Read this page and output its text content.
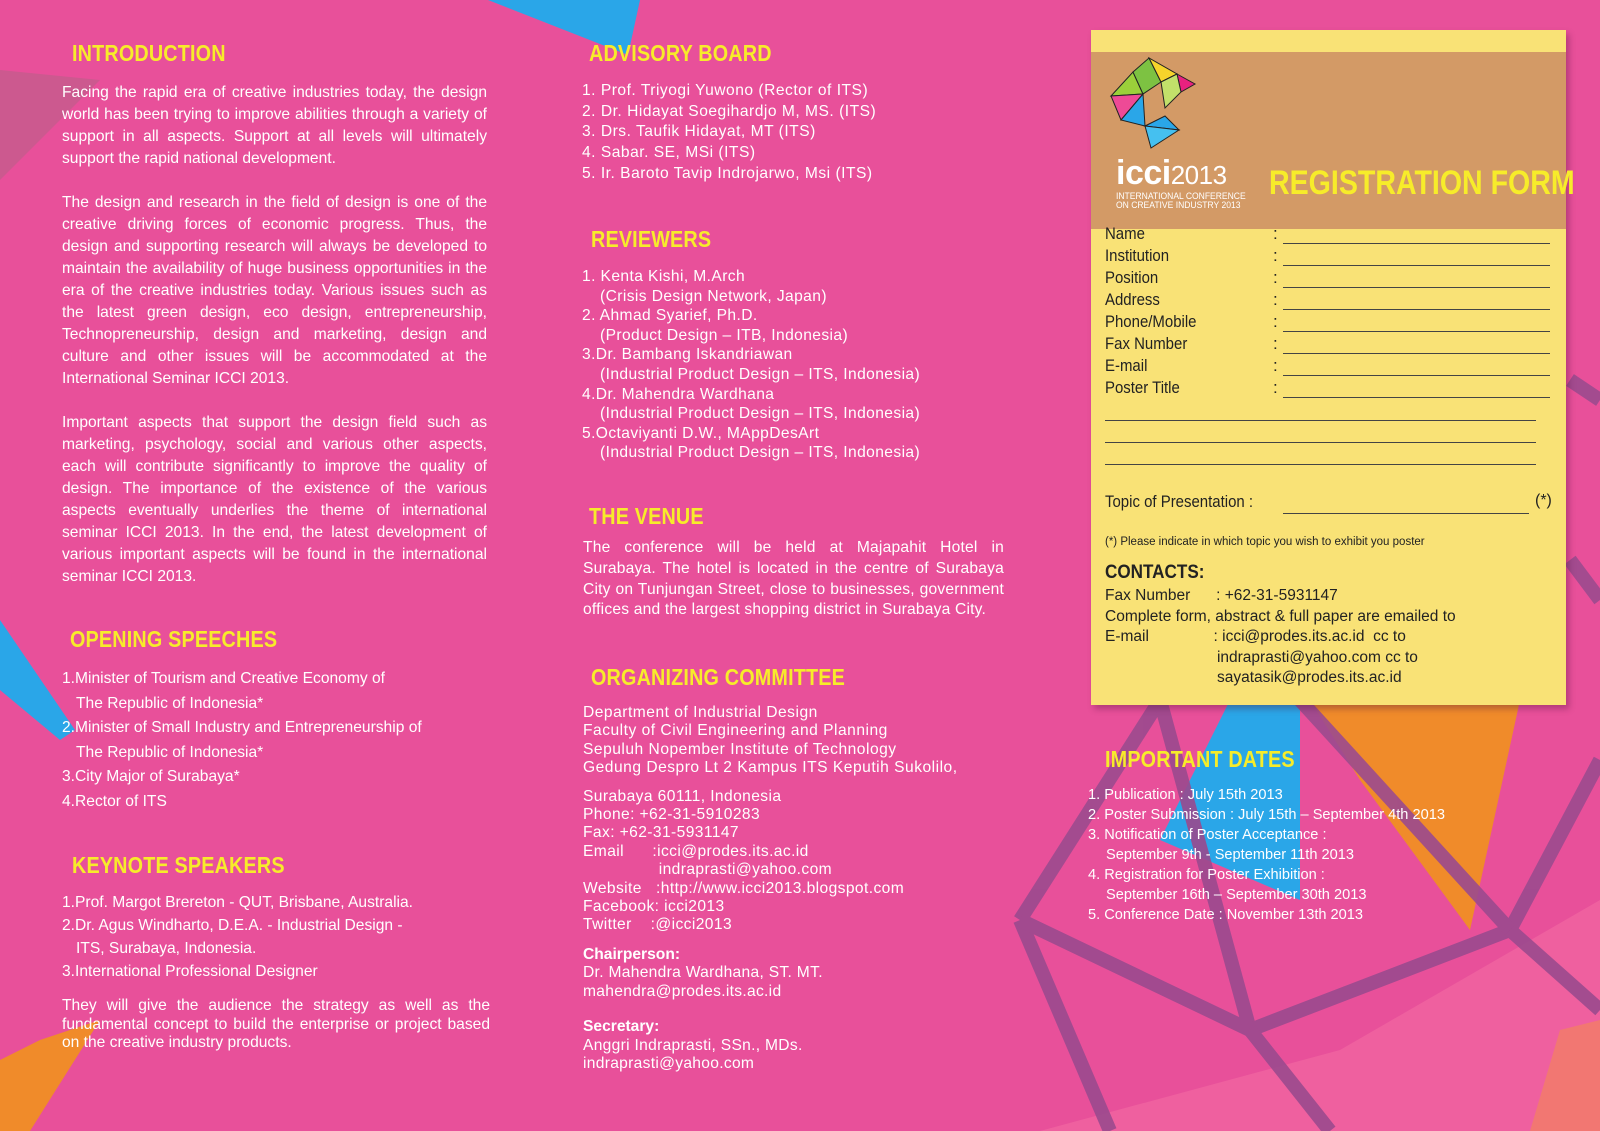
INTRODUCTION

Facing the rapid era of creative industries today, the design world has been trying to improve abilities through a variety of support in all aspects. Support at all levels will ultimately support the rapid national development.

The design and research in the field of design is one of the creative driving forces of economic progress. Thus, the design and supporting research will always be developed to maintain the availability of huge business opportunities in the era of the creative industries today. Various issues such as the latest green design, eco design, entrepreneurship, Technopreneurship, design and marketing, design and culture and other issues will be accommodated at the International Seminar ICCI 2013.

Important aspects that support the design field such as marketing, psychology, social and various other aspects, each will contribute significantly to improve the quality of design. The importance of the existence of the various aspects eventually underlies the theme of international seminar ICCI 2013. In the end, the latest development of various important aspects will be found in the international seminar ICCI 2013.

OPENING SPEECHES
1.Minister of Tourism and Creative Economy of
The Republic of Indonesia*
2.Minister of Small Industry and Entrepreneurship of
The Republic of Indonesia*
3.City Major of Surabaya*
4.Rector of ITS
KEYNOTE SPEAKERS
1.Prof. Margot Brereton - QUT, Brisbane, Australia.
2.Dr. Agus Windharto, D.E.A. - Industrial Design -
ITS, Surabaya, Indonesia.
3.International Professional Designer

They will give the audience the strategy as well as the fundamental concept to build the enterprise or project based on the creative industry products.

ADVISORY BOARD
1. Prof. Triyogi Yuwono (Rector of ITS)
2. Dr. Hidayat Soegihardjo M, MS. (ITS)
3. Drs. Taufik Hidayat, MT (ITS)
4. Sabar. SE, MSi (ITS)
5. Ir. Baroto Tavip Indrojarwo, Msi (ITS)
REVIEWERS
1. Kenta Kishi, M.Arch
(Crisis Design Network, Japan)
2. Ahmad Syarief, Ph.D.
(Product Design – ITB, Indonesia)
3.Dr. Bambang Iskandriawan
(Industrial Product Design – ITS, Indonesia)
4.Dr. Mahendra Wardhana
(Industrial Product Design – ITS, Indonesia)
5.Octaviyanti D.W., MAppDesArt
(Industrial Product Design – ITS, Indonesia)
THE VENUE

The conference will be held at Majapahit Hotel in Surabaya. The hotel is located in the centre of Surabaya City on Tunjungan Street, close to businesses, government offices and the largest shopping district in Surabaya City.

ORGANIZING COMMITTEE
Department of Industrial Design
Faculty of Civil Engineering and Planning
Sepuluh Nopember Institute of Technology
Gedung Despro Lt 2 Kampus ITS Keputih Sukolilo,
Surabaya 60111, Indonesia
Phone: +62-31-5910283
Fax: +62-31-5931147
Email      :icci@prodes.its.ac.id
indraprasti@yahoo.com
Website   :http://www.icci2013.blogspot.com
Facebook: icci2013
Twitter    :@icci2013
Chairperson:
Dr. Mahendra Wardhana, ST. MT.
mahendra@prodes.its.ac.id
Secretary:
Anggri Indraprasti, SSn., MDs.
indraprasti@yahoo.com
icci2013
INTERNATIONAL CONFERENCE
ON CREATIVE INDUSTRY 2013
REGISTRATION FORM
Name	:
Institution	:
Position	:
Address	:
Phone/Mobile	:
Fax Number	:
E-mail	:
Poster Title	:
Topic of Presentation :	(*)
(*) Please indicate in which topic you wish to exhibit you poster
CONTACTS:
Fax Number      : +62-31-5931147
Complete form, abstract & full paper are emailed to
E-mail               : icci@prodes.its.ac.id  cc to
indraprasti@yahoo.com cc to
sayatasik@prodes.its.ac.id
IMPORTANT DATES
1. Publication : July 15th 2013
2. Poster Submission : July 15th – September 4th 2013
3. Notification of Poster Acceptance :
September 9th - September 11th 2013
4. Registration for Poster Exhibition :
September 16th – September 30th 2013
5. Conference Date : November 13th 2013
